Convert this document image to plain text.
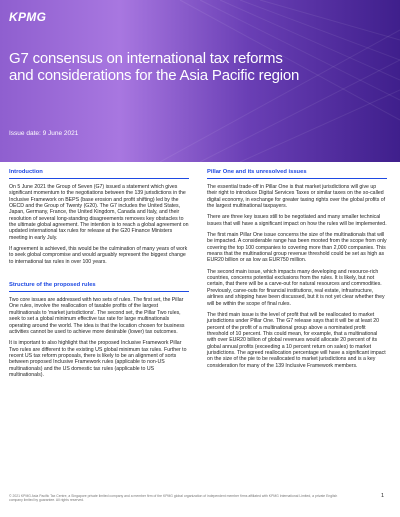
KPMG
G7 consensus on international tax reforms and considerations for the Asia Pacific region

Issue date: 9 June 2021

Introduction

On 5 June 2021 the Group of Seven (G7) issued a statement which gives significant momentum to the negotiations between the 139 jurisdictions in the Inclusive Framework on BEPS (base erosion and profit shifting) led by the OECD and the Group of Twenty (G20). The G7 includes the United States, Japan, Germany, France, the United Kingdom, Canada and Italy, and their resolution of several long-standing disagreements removes key obstacles to the ultimate global agreement. The intention is to reach a global agreement on updated international tax rules for release at the G20 Finance Ministers meeting in early July.

If agreement is achieved, this would be the culmination of many years of work to seek global compromise and would arguably represent the biggest change to international tax rules in over 100 years.

Structure of the proposed rules

Two core issues are addressed with two sets of rules. The first set, the Pillar One rules, involve the reallocation of taxable profits of the largest multinationals to 'market jurisdictions'. The second set, the Pillar Two rules, seek to set a global minimum effective tax rate for large multinationals operating around the world. The idea is that the location chosen for business activities cannot be used to achieve more desirable (lower) tax outcomes.

It is important to also highlight that the proposed Inclusive Framework Pillar Two rules are different to the existing US global minimum tax rules. Further to recent US tax reform proposals, there is likely to be an alignment of sorts between proposed Inclusive Framework rules (applicable to non-US multinationals) and the US domestic tax rules (applicable to US multinationals).

Pillar One and its unresolved issues

The essential trade-off in Pillar One is that market jurisdictions will give up their right to introduce Digital Services Taxes or similar taxes on the so-called digital economy, in exchange for greater taxing rights over the global profits of the largest multinational taxpayers.

There are three key issues still to be negotiated and many smaller technical issues that will have a significant impact on how the rules will be implemented.

The first main Pillar One issue concerns the size of the multinationals that will be impacted. A considerable range has been mooted from the scope from only covering the top 100 companies to covering more than 2,000 companies. This means that the multinational group revenue threshold could be set as high as EUR20 billion or as low as EUR750 million.

The second main issue, which impacts many developing and resource-rich countries, concerns potential exclusions from the rules. It is likely, but not certain, that there will be a carve-out for natural resources and commodities. Previously, carve-outs for financial institutions, real estate, infrastructure, airlines and shipping have been discussed, but it is not yet clear whether they will be within the scope of final rules.

The third main issue is the level of profit that will be reallocated to market jurisdictions under Pillar One. The G7 release says that it will be at least 20 percent of the profit of a multinational group above a nominated profit threshold of 10 percent. This could mean, for example, that a multinational with over EUR20 billion of global revenues would allocate 20 percent of its global annual profits (exceeding a 10 percent return on sales) to market jurisdictions. The agreed reallocation percentage will have a significant impact on the size of the pie to be reallocated to market jurisdictions and is a key consideration for many of the 139 Inclusive Framework members.

© 2021 KPMG Asia Pacific Tax Centre, a Singapore private limited company and a member firm of the KPMG global organization of independent member firms affiliated with KPMG International Limited, a private English company limited by guarantee. All rights reserved.

1
